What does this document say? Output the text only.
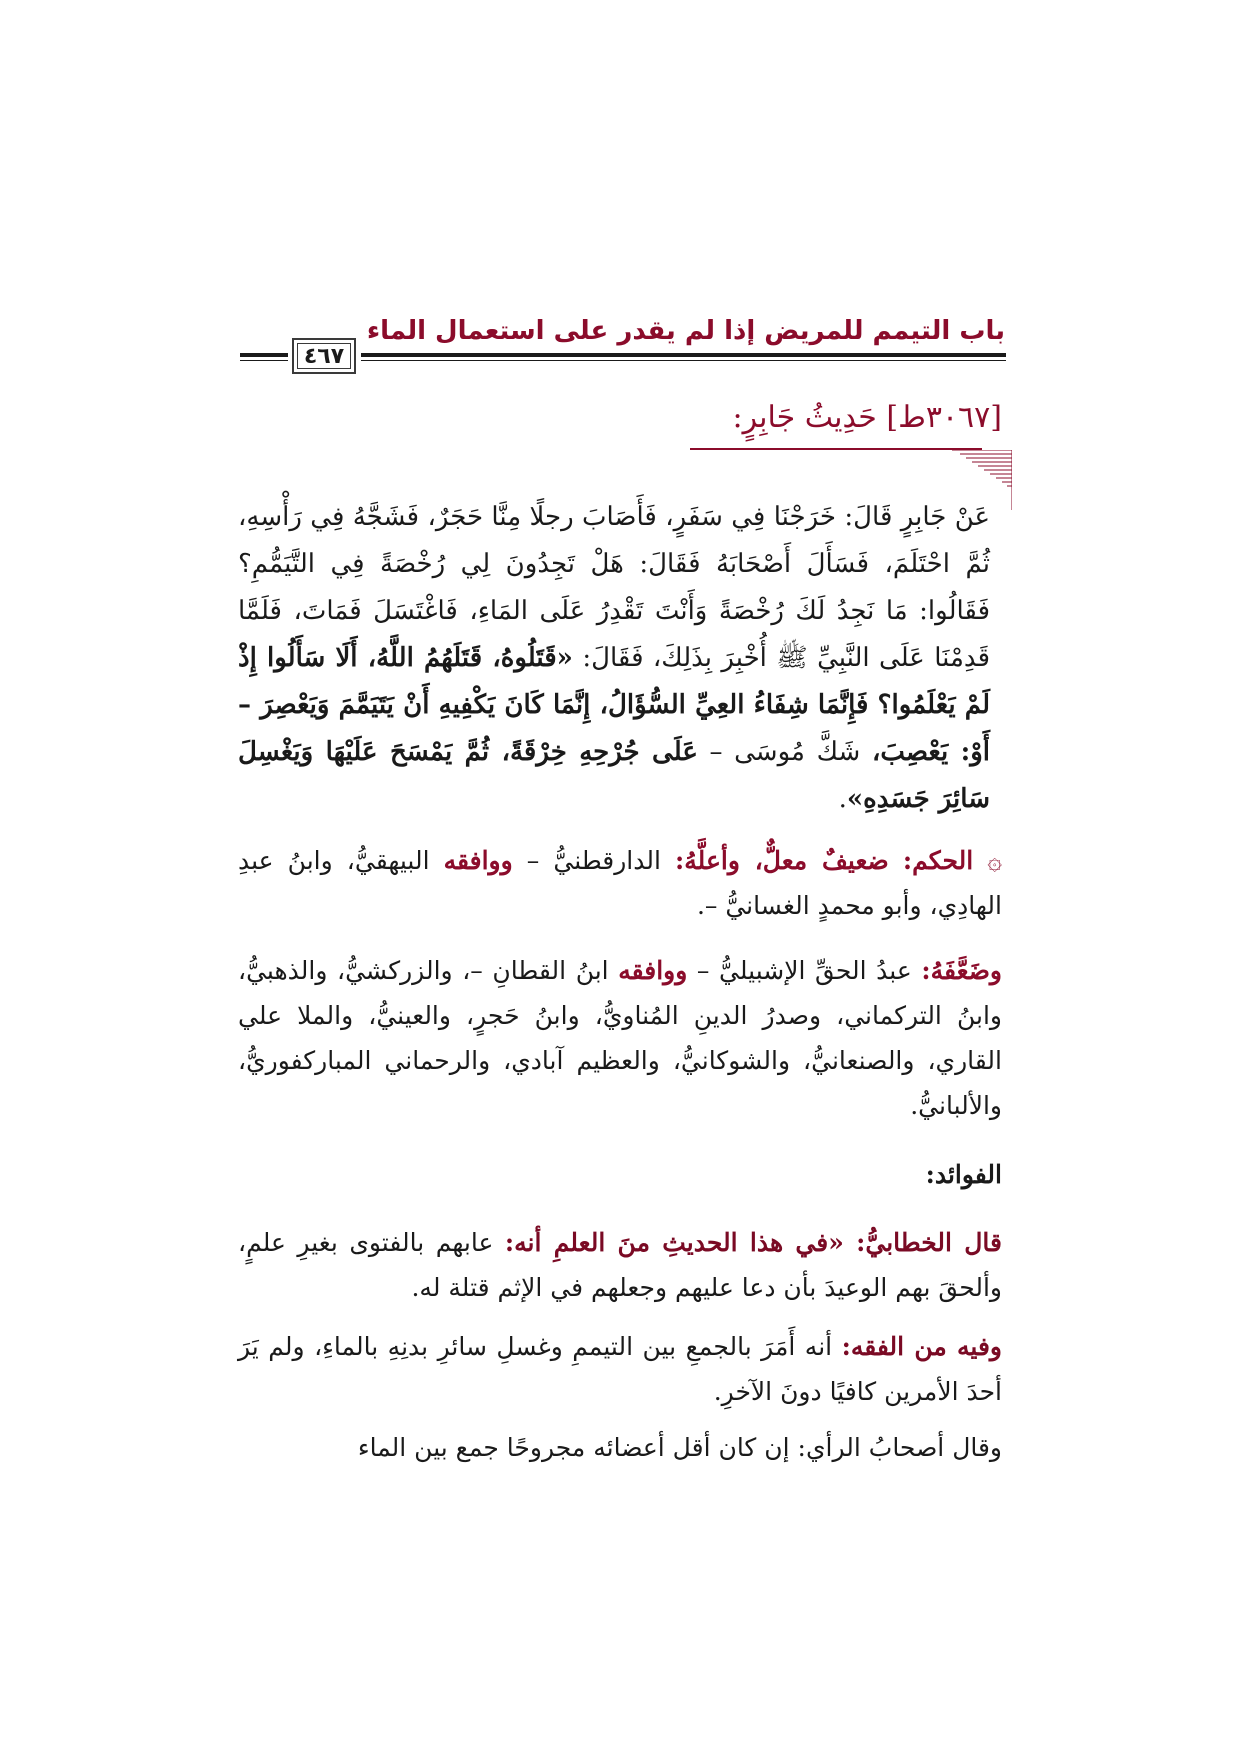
باب التيمم للمريض إذا لم يقدر على استعمال الماء
٤٦٧
[٣٠٦٧ط] حَدِيثُ جَابِرٍ:
عَنْ جَابِرٍ قَالَ: خَرَجْنَا فِي سَفَرٍ، فَأَصَابَ رجلًا مِنَّا حَجَرٌ، فَشَجَّهُ فِي رَأْسِهِ، ثُمَّ احْتَلَمَ، فَسَأَلَ أَصْحَابَهُ فَقَالَ: هَلْ تَجِدُونَ لِي رُخْصَةً فِي التَّيَمُّمِ؟ فَقَالُوا: مَا نَجِدُ لَكَ رُخْصَةً وَأَنْتَ تَقْدِرُ عَلَى المَاءِ، فَاغْتَسَلَ فَمَاتَ، فَلَمَّا قَدِمْنَا عَلَى النَّبِيِّ ﷺ أُخْبِرَ بِذَلِكَ، فَقَالَ: «قَتَلُوهُ، قَتَلَهُمُ اللَّهُ، أَلَا سَأَلُوا إِذْ لَمْ يَعْلَمُوا؟ فَإِنَّمَا شِفَاءُ العِيِّ السُّؤَالُ، إِنَّمَا كَانَ يَكْفِيهِ أَنْ يَتَيَمَّمَ وَيَعْصِرَ – أَوْ: يَعْصِبَ، شَكَّ مُوسَى – عَلَى جُرْحِهِ خِرْقَةً، ثُمَّ يَمْسَحَ عَلَيْهَا وَيَغْسِلَ سَائِرَ جَسَدِهِ».
۞ الحكم: ضعيفٌ معلٌّ، وأعلَّهُ: الدارقطنيُّ – ووافقه البيهقيُّ، وابنُ عبدِ الهادِي، وأبو محمدٍ الغسانيُّ –.
وضَعَّفَهُ: عبدُ الحقِّ الإشبيليُّ – ووافقه ابنُ القطانِ –، والزركشيُّ، والذهبيُّ، وابنُ التركماني، وصدرُ الدينِ المُناويُّ، وابنُ حَجرٍ، والعينيُّ، والملا علي القاري، والصنعانيُّ، والشوكانيُّ، والعظيم آبادي، والرحماني المباركفوريُّ، والألبانيُّ.
الفوائد:
قال الخطابيُّ: «في هذا الحديثِ منَ العلمِ أنه: عابهم بالفتوى بغيرِ علمٍ، وألحقَ بهم الوعيدَ بأن دعا عليهم وجعلهم في الإثم قتلة له.
وفيه من الفقه: أنه أَمَرَ بالجمعِ بين التيممِ وغسلِ سائرِ بدنِهِ بالماءِ، ولم يَرَ أحدَ الأمرين كافيًا دونَ الآخرِ.
وقال أصحابُ الرأي: إن كان أقل أعضائه مجروحًا جمع بين الماء
